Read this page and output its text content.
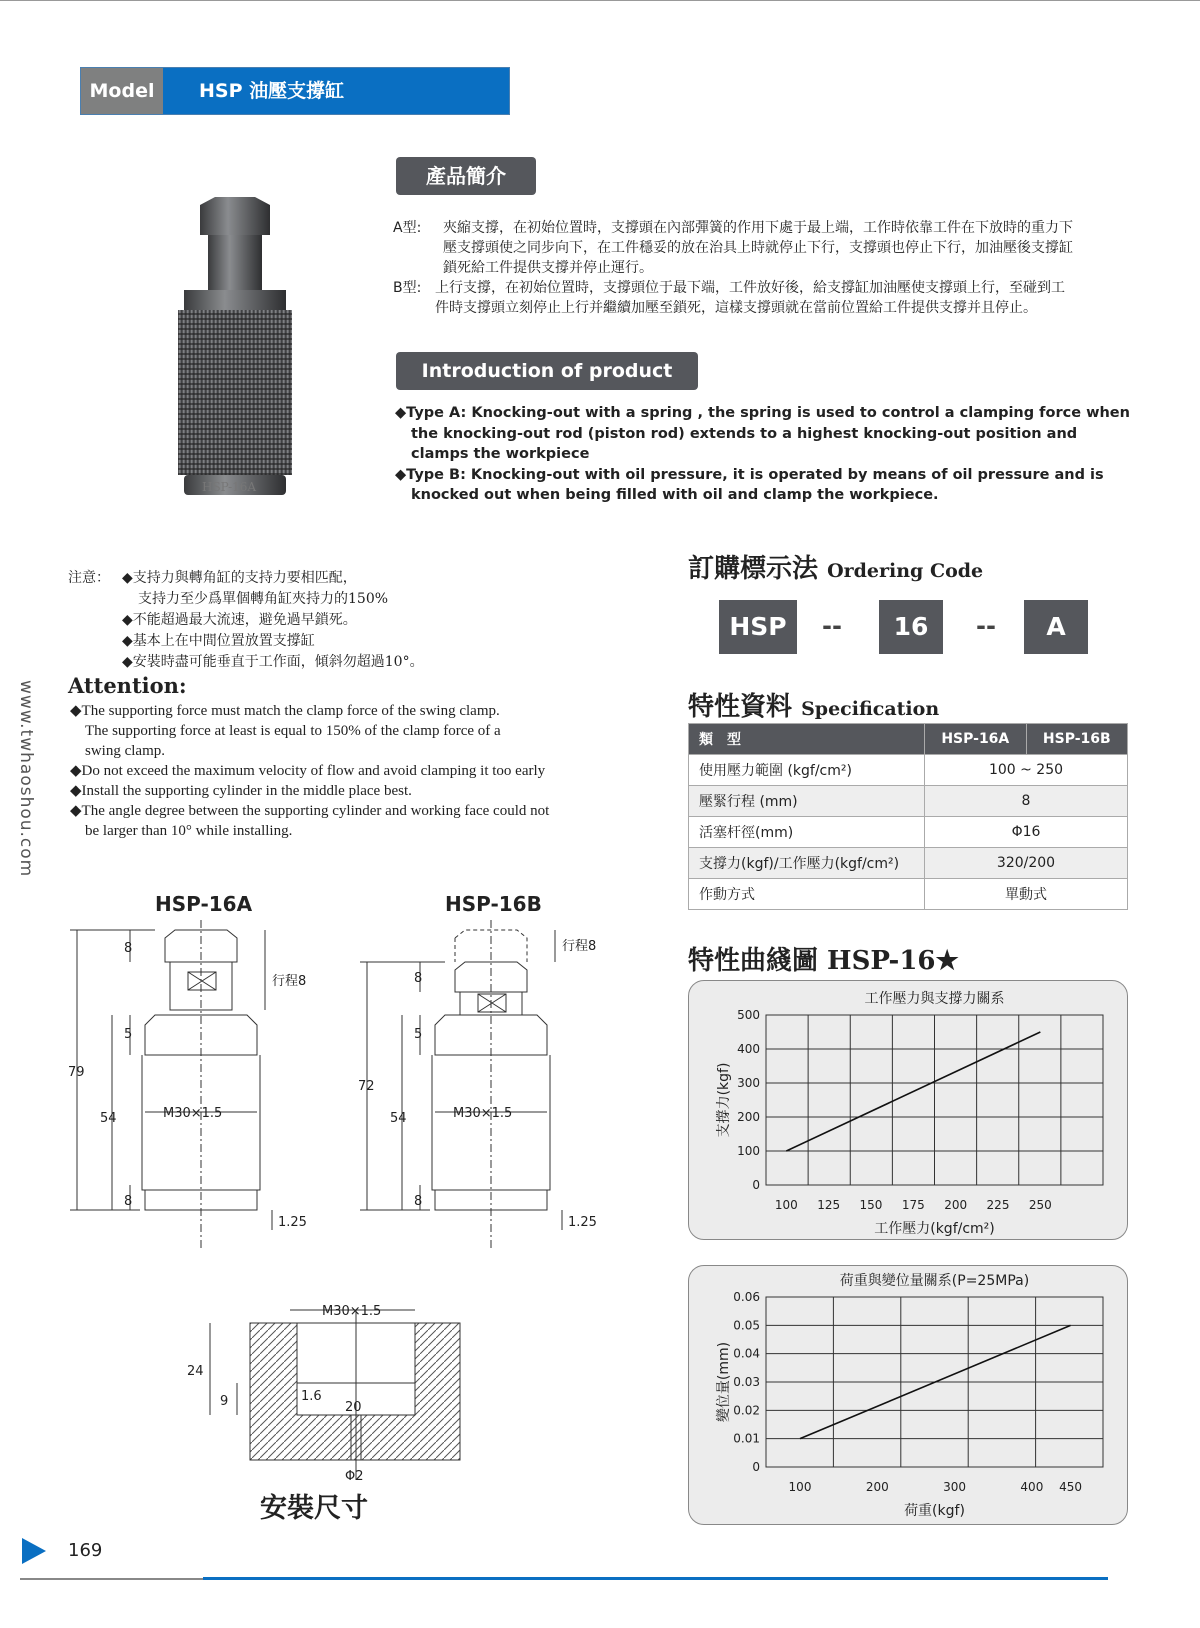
Model	HSP 油壓支撐缸
HSP-16A
產品簡介
A型:	夾縮支撐，在初始位置時，支撐頭在內部彈簧的作用下處于最上端，工作時依靠工件在下放時的重力下壓支撐頭使之同步向下，在工件穩妥的放在治具上時就停止下行，支撐頭也停止下行，加油壓後支撐缸鎖死給工件提供支撐并停止運行。
B型: 上行支撐，在初始位置時，支撐頭位于最下端，工件放好後，給支撐缸加油壓使支撐頭上行，至碰到工件時支撐頭立刻停止上行并繼續加壓至鎖死，這樣支撐頭就在當前位置給工件提供支撐并且停止。
Introduction of product
◆Type A: Knocking-out with a spring , the spring is used to control a clamping force when the knocking-out rod (piston rod) extends to a highest knocking-out position and clamps the workpiece
◆Type B: Knocking-out with oil pressure, it is operated by means of oil pressure and is knocked out when being filled with oil and clamp the workpiece.
注意： ◆支持力與轉角缸的支持力要相匹配，
支持力至少爲單個轉角缸夾持力的150%
◆不能超過最大流速，避免過早鎖死。
◆基本上在中間位置放置支撐缸
◆安裝時盡可能垂直于工作面，傾斜勿超過10°。
Attention:
◆The supporting force must match the clamp force of the swing clamp.
The supporting force at least is equal to 150% of the clamp force of a
swing clamp.
◆Do not exceed the maximum velocity of flow and avoid clamping it too early
◆Install the supporting cylinder in the middle place best.
◆The angle degree between the supporting cylinder and working face could not
be larger than 10° while installing.
www.twhaoshou.com
訂購標示法 Ordering Code
HSP	--	16	--	A
特性資料 Specification
類　型	HSP-16A	HSP-16B
使用壓力範圍 (kgf/cm²)	100 ~ 250	
壓緊行程 (mm)	8	
活塞杆徑(mm)	Φ16	
支撐力(kgf)/工作壓力(kgf/cm²)	320/200	
作動方式	單動式	
特性曲綫圖 HSP-16★
0
100
200
300
400
500
100 125 150 175 200 225 250
工作壓力與支撐力關系
工作壓力(kgf/cm²)
支撐力(kgf)
0
0.01
0.02
0.03
0.04
0.05
0.06
100	200	300	400 450
荷重與變位量關系(P=25MPa)
荷重(kgf)
變位量(mm)
HSP-16A	HSP-16B
8
行程8
5
79
54	M30×1.5
8
1.25
8
行程8
5
72
54	M30×1.5
8
1.25
M30×1.5
24
9	1.6
20
Φ2
安裝尺寸
169
